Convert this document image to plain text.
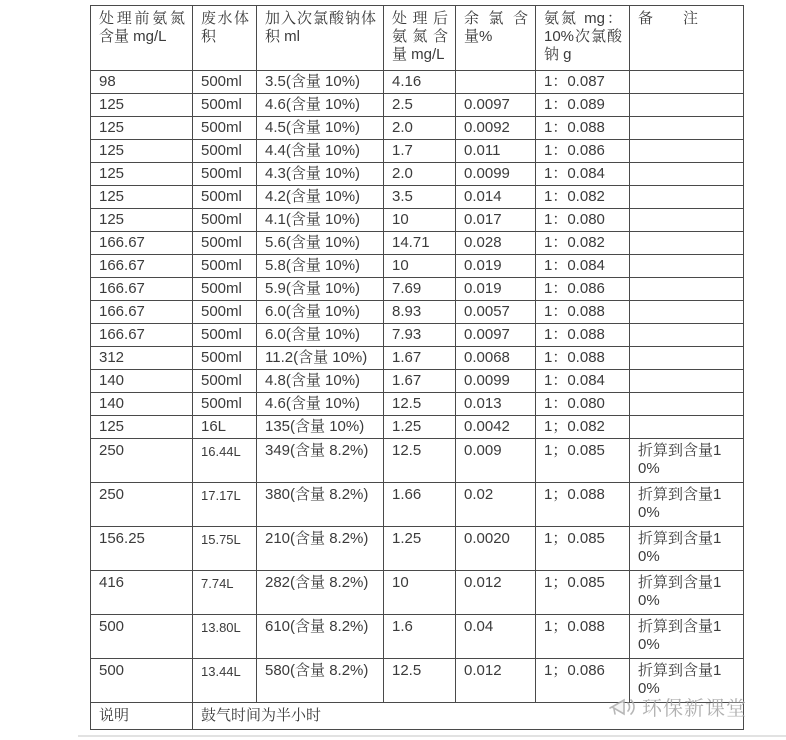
处理前氨氮含量 mg/L	废水体积	加入次氯酸钠体积 ml	处理后氨氮含量 mg/L	余氯含量%	氨氮 mg：10%次氯酸钠 g	备　　注
98	500ml	3.5(含量 10%)	4.16		1：0.087	
125	500ml	4.6(含量 10%)	2.5	0.0097	1：0.089	
125	500ml	4.5(含量 10%)	2.0	0.0092	1：0.088	
125	500ml	4.4(含量 10%)	1.7	0.011	1：0.086	
125	500ml	4.3(含量 10%)	2.0	0.0099	1：0.084	
125	500ml	4.2(含量 10%)	3.5	0.014	1：0.082	
125	500ml	4.1(含量 10%)	10	0.017	1：0.080	
166.67	500ml	5.6(含量 10%)	14.71	0.028	1：0.082	
166.67	500ml	5.8(含量 10%)	10	0.019	1：0.084	
166.67	500ml	5.9(含量 10%)	7.69	0.019	1：0.086	
166.67	500ml	6.0(含量 10%)	8.93	0.0057	1：0.088	
166.67	500ml	6.0(含量 10%)	7.93	0.0097	1：0.088	
312	500ml	11.2(含量 10%)	1.67	0.0068	1：0.088	
140	500ml	4.8(含量 10%)	1.67	0.0099	1：0.084	
140	500ml	4.6(含量 10%)	12.5	0.013	1：0.080	
125	16L	135(含量 10%)	1.25	0.0042	1；0.082	
250	16.44L	349(含量 8.2%)	12.5	0.009	1；0.085	折算到含量10%
250	17.17L	380(含量 8.2%)	1.66	0.02	1；0.088	折算到含量10%
156.25	15.75L	210(含量 8.2%)	1.25	0.0020	1；0.085	折算到含量10%
416	7.74L	282(含量 8.2%)	10	0.012	1；0.085	折算到含量10%
500	13.80L	610(含量 8.2%)	1.6	0.04	1；0.088	折算到含量10%
500	13.44L	580(含量 8.2%)	12.5	0.012	1；0.086	折算到含量10%
说明	鼓气时间为半小时						环保新课堂
